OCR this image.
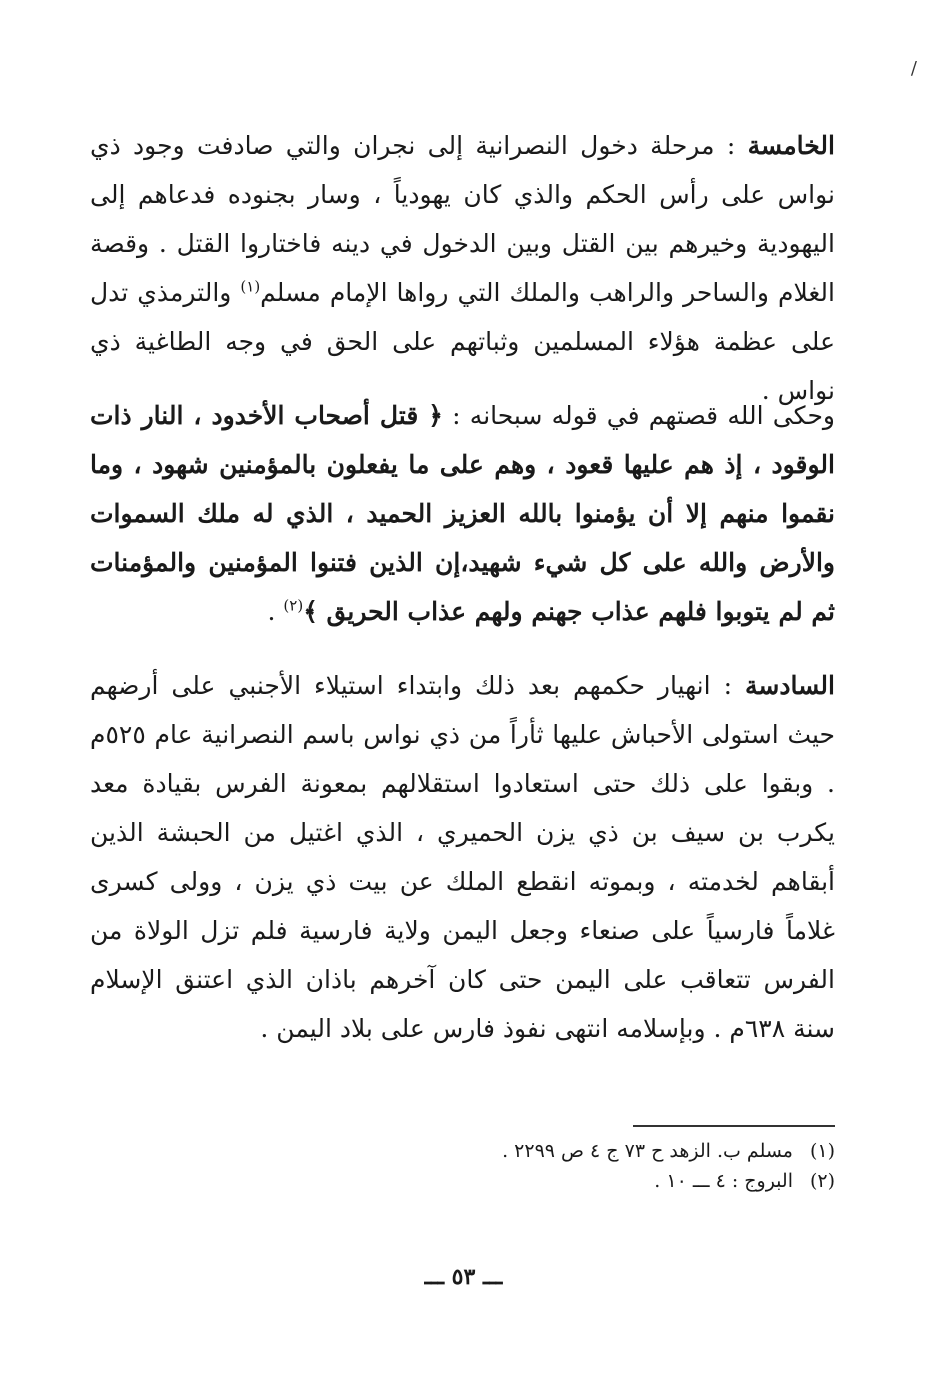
/

الخامسة : مرحلة دخول النصرانية إلى نجران والتي صادفت وجود ذي نواس على رأس الحكم والذي كان يهودياً ، وسار بجنوده فدعاهم إلى اليهودية وخيرهم بين القتل وبين الدخول في دينه فاختاروا القتل . وقصة الغلام والساحر والراهب والملك التي رواها الإمام مسلم$^{(١)}$ والترمذي تدل على عظمة هؤلاء المسلمين وثباتهم على الحق في وجه الطاغية ذي نواس .

وحكى الله قصتهم في قوله سبحانه : ﴿ قتل أصحاب الأخدود ، النار ذات الوقود ، إذ هم عليها قعود ، وهم على ما يفعلون بالمؤمنين شهود ، وما نقموا منهم إلا أن يؤمنوا بالله العزيز الحميد ، الذي له ملك السموات والأرض والله على كل شيء شهيد،إن الذين فتنوا المؤمنين والمؤمنات ثم لم يتوبوا فلهم عذاب جهنم ولهم عذاب الحريق ﴾$^{(٢)}$ .

السادسة : انهيار حكمهم بعد ذلك وابتداء استيلاء الأجنبي على أرضهم حيث استولى الأحباش عليها ثأراً من ذي نواس باسم النصرانية عام ٥٢٥م . وبقوا على ذلك حتى استعادوا استقلالهم بمعونة الفرس بقيادة معد يكرب بن سيف بن ذي يزن الحميري ، الذي اغتيل من الحبشة الذين أبقاهم لخدمته ، وبموته انقطع الملك عن بيت ذي يزن ، وولى كسرى غلاماً فارسياً على صنعاء وجعل اليمن ولاية فارسية فلم تزل الولاة من الفرس تتعاقب على اليمن حتى كان آخرهم باذان الذي اعتنق الإسلام سنة ٦٣٨م . وبإسلامه انتهى نفوذ فارس على بلاد اليمن .

(١)مسلم ب. الزهد ح ٧٣ ج ٤ ص ٢٢٩٩ .

(٢)البروج : ٤ ـــ ١٠ .

ـــ ٥٣ ـــ
